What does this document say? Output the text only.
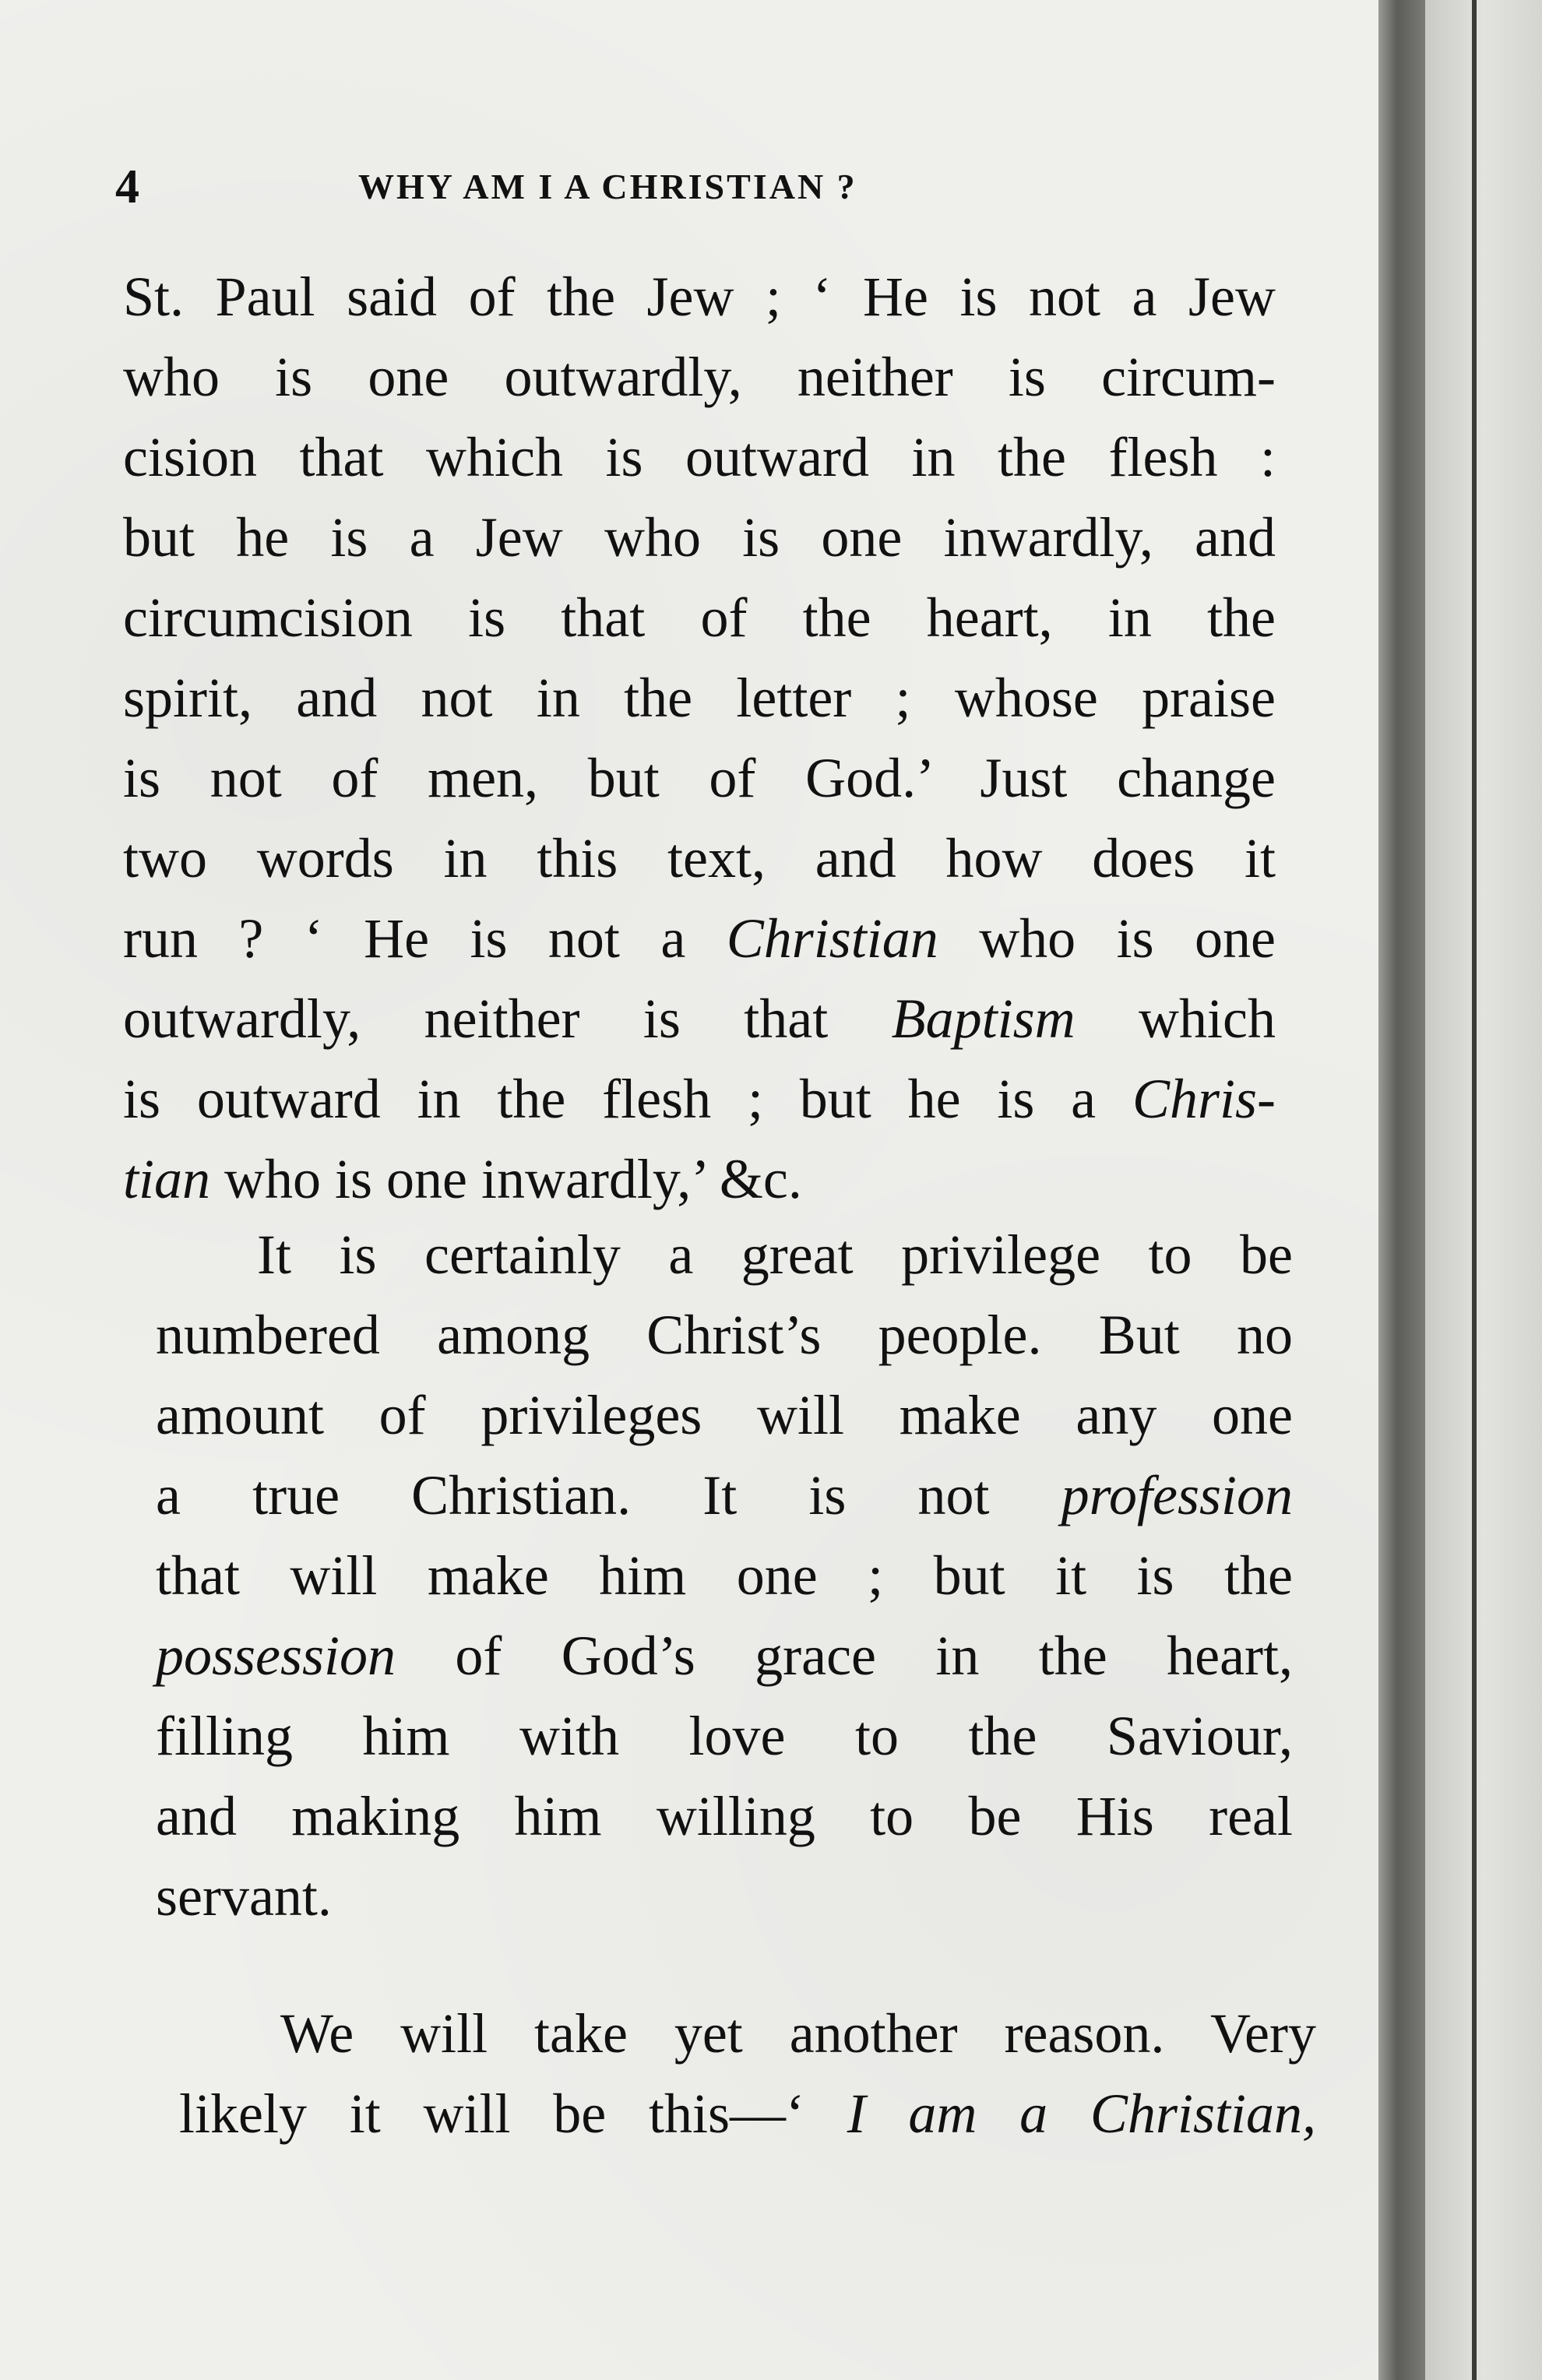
4	WHY AM I A CHRISTIAN ?
St. Paul said of the Jew ; ‘ He is not a Jew
who is one outwardly, neither is circum-
cision that which is outward in the flesh :
but he is a Jew who is one inwardly, and
circumcision is that of the heart, in the
spirit, and not in the letter ; whose praise
is not of men, but of God.’ Just change
two words in this text, and how does it
run ? ‘ He is not a Christian who is one
outwardly, neither is that Baptism which
is outward in the flesh ; but he is a Chris-
tian who is one inwardly,’ &c.
It is certainly a great privilege to be
numbered among Christ’s people. But no
amount of privileges will make any one
a true Christian. It is not profession
that will make him one ; but it is the
possession of God’s grace in the heart,
filling him with love to the Saviour,
and making him willing to be His real
servant.
We will take yet another reason. Very
likely it will be this—‘ I am a Christian,
